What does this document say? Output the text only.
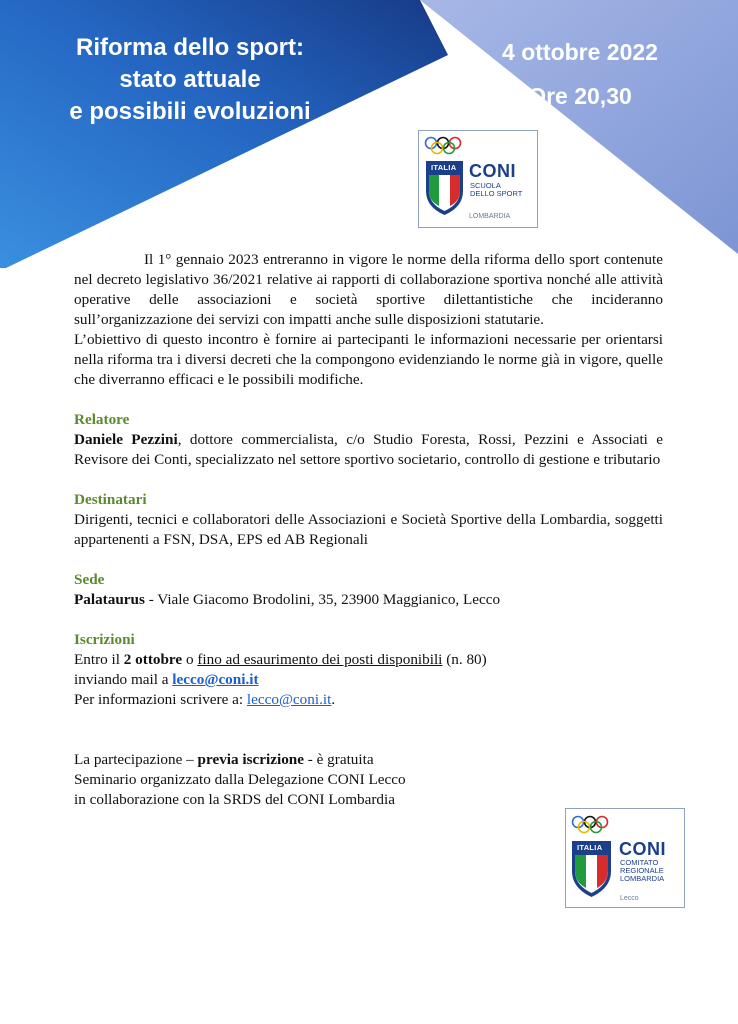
Riforma dello sport:
stato attuale
e possibili evoluzioni
4 ottobre 2022
Ore 20,30
ITALIA CONI
SCUOLA
DELLO SPORT
LOMBARDIA

Il 1° gennaio 2023 entreranno in vigore le norme della riforma dello sport contenute nel decreto legislativo 36/2021 relative ai rapporti di collaborazione sportiva nonché alle attività operative delle associazioni e società sportive dilettantistiche che incideranno sull’organizzazione dei servizi con impatti anche sulle disposizioni statutarie.

L’obiettivo di questo incontro è fornire ai partecipanti le informazioni necessarie per orientarsi nella riforma tra i diversi decreti che la compongono evidenziando le norme già in vigore, quelle che diverranno efficaci e le possibili modifiche.

Relatore

Daniele Pezzini, dottore commercialista, c/o Studio Foresta, Rossi, Pezzini e Associati e Revisore dei Conti, specializzato nel settore sportivo societario, controllo di gestione e tributario

Destinatari

Dirigenti, tecnici e collaboratori delle Associazioni e Società Sportive della Lombardia, soggetti appartenenti a FSN, DSA, EPS ed AB Regionali

Sede

Palataurus - Viale Giacomo Brodolini, 35, 23900 Maggianico, Lecco

Iscrizioni

Entro il 2 ottobre o fino ad esaurimento dei posti disponibili (n. 80)

inviando mail a lecco@coni.it

Per informazioni scrivere a: lecco@coni.it.

La partecipazione – previa iscrizione - è gratuita

Seminario organizzato dalla Delegazione CONI Lecco

in collaborazione con la SRDS del CONI Lombardia

ITALIA CONI
COMITATO
REGIONALE
LOMBARDIA
Lecco
